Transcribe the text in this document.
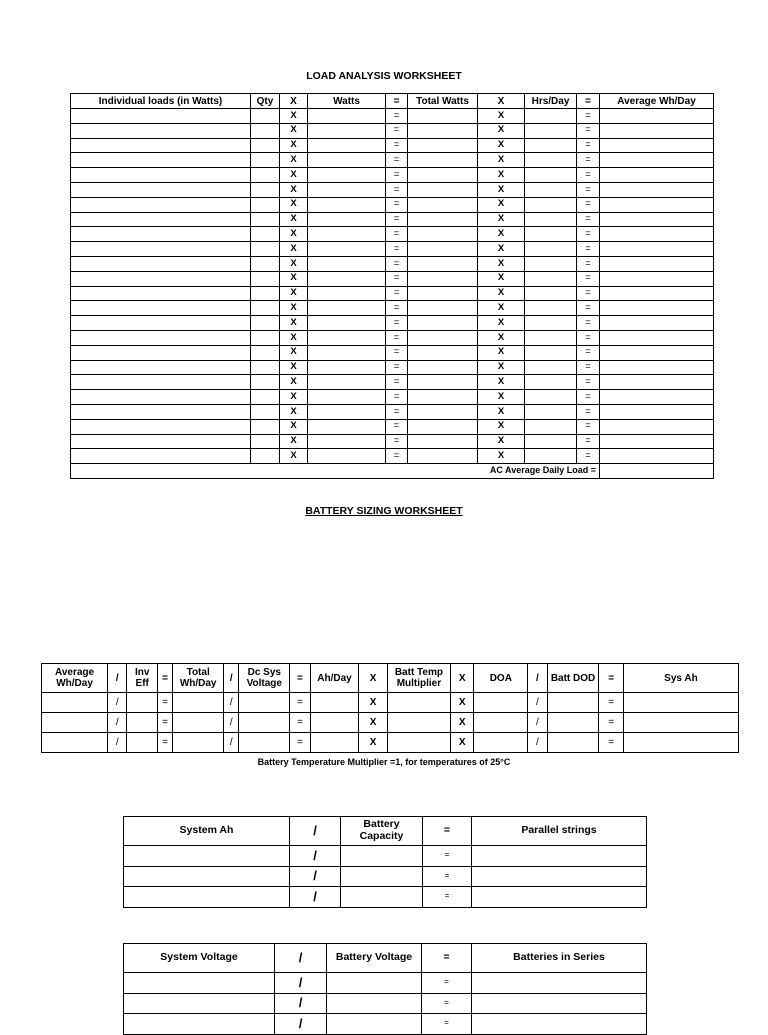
LOAD ANALYSIS WORKSHEET
Individual loads (in Watts)	Qty	X	Watts	=	Total Watts	X	Hrs/Day	=	Average Wh/Day
		X		=		X		=	
		X		=		X		=	
		X		=		X		=	
		X		=		X		=	
		X		=		X		=	
		X		=		X		=	
		X		=		X		=	
		X		=		X		=	
		X		=		X		=	
		X		=		X		=	
		X		=		X		=	
		X		=		X		=	
		X		=		X		=	
		X		=		X		=	
		X		=		X		=	
		X		=		X		=	
		X		=		X		=	
		X		=		X		=	
		X		=		X		=	
		X		=		X		=	
		X		=		X		=	
		X		=		X		=	
		X		=		X		=	
		X		=		X		=	
AC Average Daily Load =									
BATTERY SIZING WORKSHEET
Average Wh/Day	/	Inv Eff	=	Total Wh/Day	/	Dc Sys Voltage	=	Ah/Day	X	Batt Temp Multiplier	X	DOA	/	Batt DOD	=	Sys Ah
	/		=		/		=		X		X		/		=	
	/		=		/		=		X		X		/		=	
	/		=		/		=		X		X		/		=	
Battery Temperature Multiplier =1, for temperatures of 25°C
System Ah	/	Battery Capacity	=	Parallel strings
	/		=	
	/		=	
	/		=	
System Voltage	/	Battery Voltage	=	Batteries in Series
	/		=	
	/		=	
	/		=	
